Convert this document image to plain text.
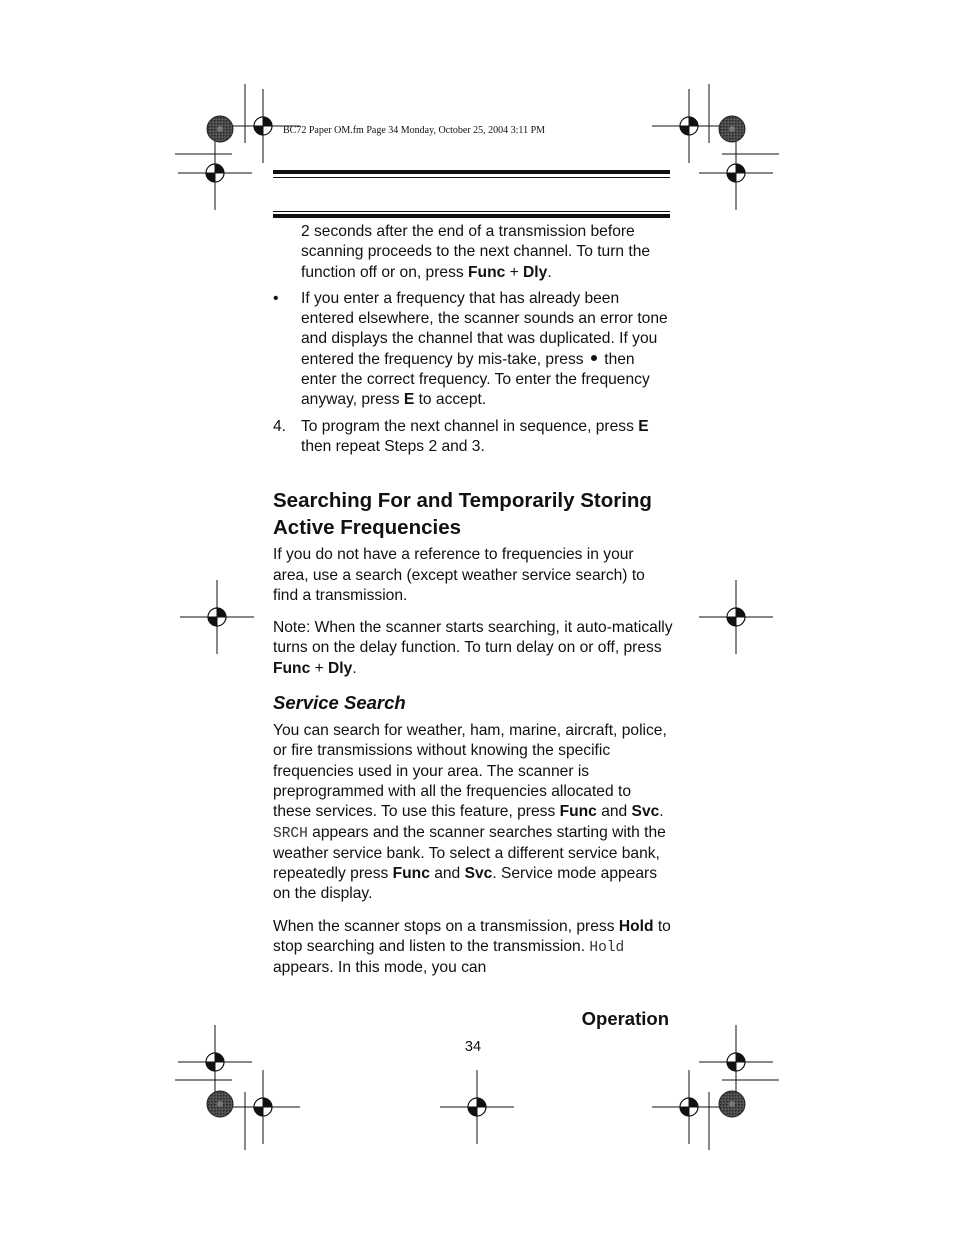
BC72 Paper OM.fm Page 34 Monday, October 25, 2004 3:11 PM

2 seconds after the end of a transmission before scanning proceeds to the next channel. To turn the function off or on, press Func + Dly.

• If you enter a frequency that has already been entered elsewhere, the scanner sounds an error tone and displays the channel that was duplicated. If you entered the frequency by mis-take, press  then enter the correct frequency. To enter the frequency anyway, press E to accept.

4. To program the next channel in sequence, press E then repeat Steps 2 and 3.

Searching For and Temporarily Storing Active Frequencies

If you do not have a reference to frequencies in your area, use a search (except weather service search) to find a transmission.

Note: When the scanner starts searching, it auto-matically turns on the delay function. To turn delay on or off, press Func + Dly.

Service Search

You can search for weather, ham, marine, aircraft, police, or fire transmissions without knowing the specific frequencies used in your area. The scanner is preprogrammed with all the frequencies allocated to these services. To use this feature, press Func and Svc. SRCH appears and the scanner searches starting with the weather service bank. To select a different service bank, repeatedly press Func and Svc. Service mode appears on the display.

When the scanner stops on a transmission, press Hold to stop searching and listen to the transmission. Hold appears. In this mode, you can

Operation
34
